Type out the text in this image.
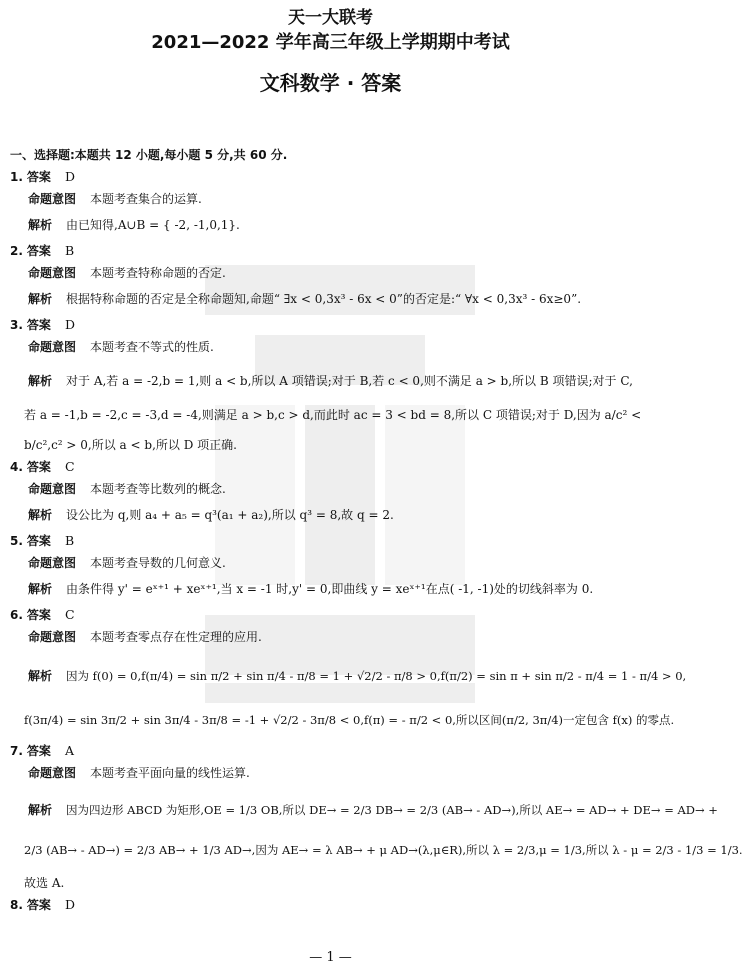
天一大联考
2021—2022 学年高三年级上学期期中考试
文科数学 · 答案
一、选择题:本题共 12 小题,每小题 5 分,共 60 分.
1. 答案 D
命题意图 本题考查集合的运算.
解析 由已知得,A∪B = { -2, -1,0,1}.
2. 答案 B
命题意图 本题考查特称命题的否定.
解析 根据特称命题的否定是全称命题知,命题“ ∃x < 0,3x³ - 6x < 0”的否定是:“ ∀x < 0,3x³ - 6x≥0”.
3. 答案 D
命题意图 本题考查不等式的性质.
解析 对于 A,若 a = -2,b = 1,则 a < b,所以 A 项错误;对于 B,若 c < 0,则不满足 a > b,所以 B 项错误;对于 C,
若 a = -1,b = -2,c = -3,d = -4,则满足 a > b,c > d,而此时 ac = 3 < bd = 8,所以 C 项错误;对于 D,因为 a/c² <
b/c²,c² > 0,所以 a < b,所以 D 项正确.
4. 答案 C
命题意图 本题考查等比数列的概念.
解析 设公比为 q,则 a₄ + a₅ = q³(a₁ + a₂),所以 q³ = 8,故 q = 2.
5. 答案 B
命题意图 本题考查导数的几何意义.
解析 由条件得 y' = eˣ⁺¹ + xeˣ⁺¹,当 x = -1 时,y' = 0,即曲线 y = xeˣ⁺¹在点( -1, -1)处的切线斜率为 0.
6. 答案 C
命题意图 本题考查零点存在性定理的应用.
解析 因为 f(0) = 0,f(π/4) = sin π/2 + sin π/4 - π/8 = 1 + √2/2 - π/8 > 0,f(π/2) = sin π + sin π/2 - π/4 = 1 - π/4 > 0,
f(3π/4) = sin 3π/2 + sin 3π/4 - 3π/8 = -1 + √2/2 - 3π/8 < 0,f(π) = - π/2 < 0,所以区间(π/2, 3π/4)一定包含 f(x) 的零点.
7. 答案 A
命题意图 本题考查平面向量的线性运算.
解析 因为四边形 ABCD 为矩形,OE = 1/3 OB,所以 DE→ = 2/3 DB→ = 2/3 (AB→ - AD→),所以 AE→ = AD→ + DE→ = AD→ +
2/3 (AB→ - AD→) = 2/3 AB→ + 1/3 AD→,因为 AE→ = λ AB→ + μ AD→(λ,μ∈R),所以 λ = 2/3,μ = 1/3,所以 λ - μ = 2/3 - 1/3 = 1/3.
故选 A.
8. 答案 D
— 1 —
